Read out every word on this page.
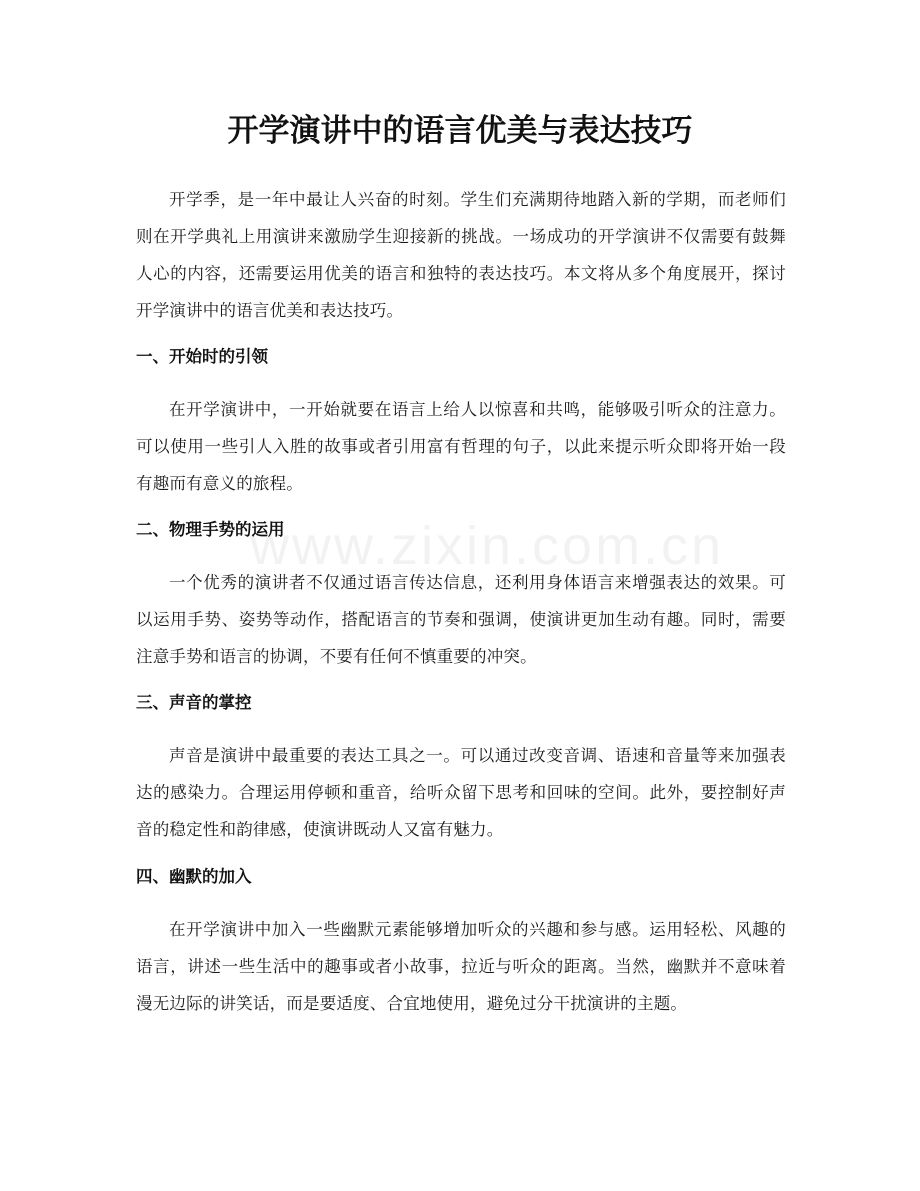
开学演讲中的语言优美与表达技巧

开学季，是一年中最让人兴奋的时刻。学生们充满期待地踏入新的学期，而老师们则在开学典礼上用演讲来激励学生迎接新的挑战。一场成功的开学演讲不仅需要有鼓舞人心的内容，还需要运用优美的语言和独特的表达技巧。本文将从多个角度展开，探讨开学演讲中的语言优美和表达技巧。

一、开始时的引领

在开学演讲中，一开始就要在语言上给人以惊喜和共鸣，能够吸引听众的注意力。可以使用一些引人入胜的故事或者引用富有哲理的句子，以此来提示听众即将开始一段有趣而有意义的旅程。

二、物理手势的运用

一个优秀的演讲者不仅通过语言传达信息，还利用身体语言来增强表达的效果。可以运用手势、姿势等动作，搭配语言的节奏和强调，使演讲更加生动有趣。同时，需要注意手势和语言的协调，不要有任何不慎重要的冲突。

三、声音的掌控

声音是演讲中最重要的表达工具之一。可以通过改变音调、语速和音量等来加强表达的感染力。合理运用停顿和重音，给听众留下思考和回味的空间。此外，要控制好声音的稳定性和韵律感，使演讲既动人又富有魅力。

四、幽默的加入

在开学演讲中加入一些幽默元素能够增加听众的兴趣和参与感。运用轻松、风趣的语言，讲述一些生活中的趣事或者小故事，拉近与听众的距离。当然，幽默并不意味着漫无边际的讲笑话，而是要适度、合宜地使用，避免过分干扰演讲的主题。

www.zixin.com.cn
